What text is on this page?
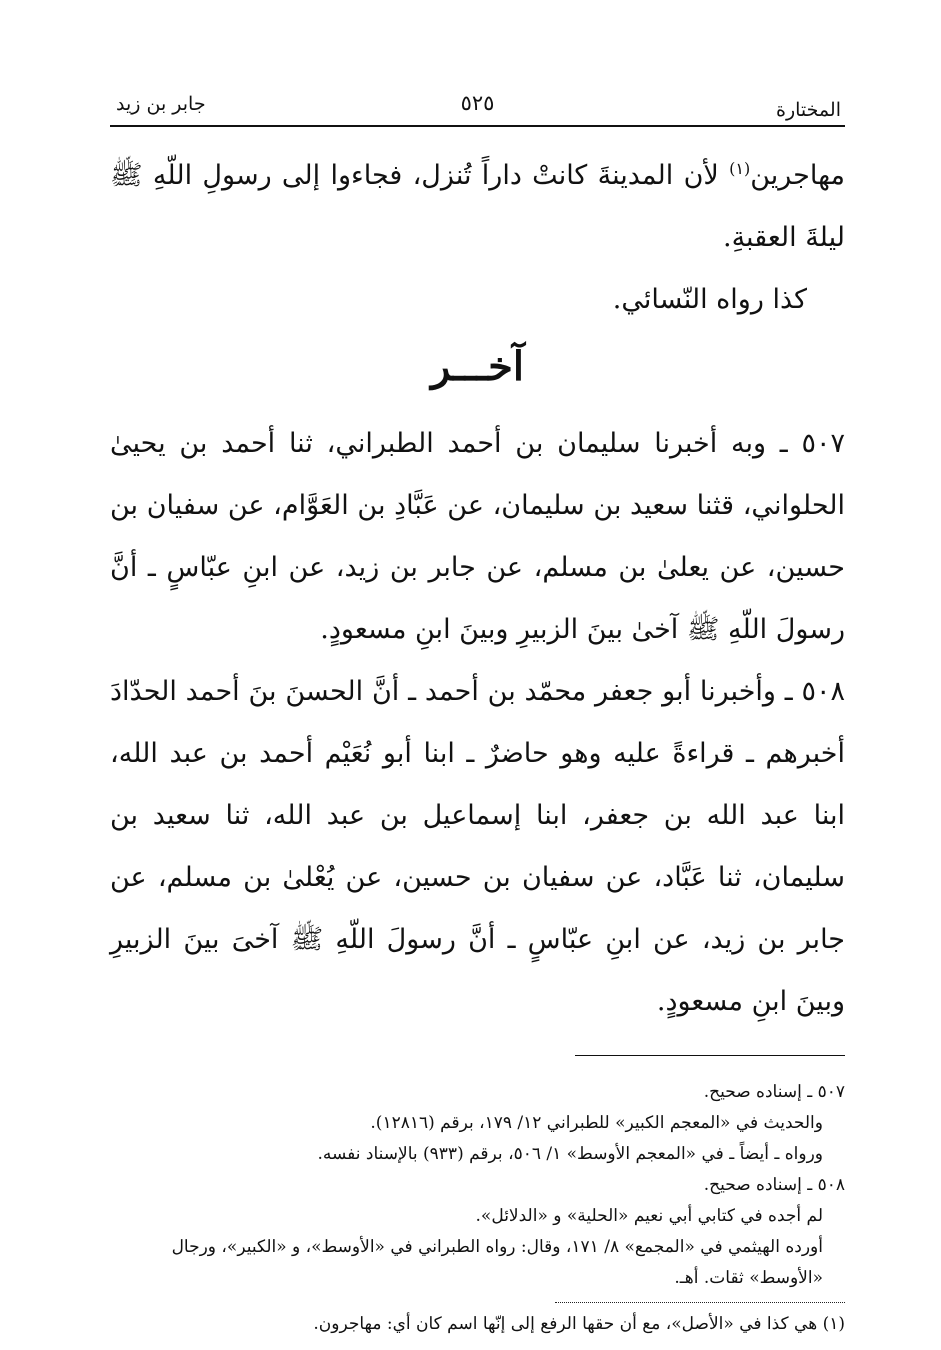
المختارة
٥٢٥
جابر بن زيد

مهاجرين$^{(١)}$ لأن المدينةَ كانتْ داراً تُنزل، فجاءوا إلى رسولِ اللّهِ ﷺ ليلةَ العقبةِ.

كذا رواه النّسائي.

آخـــر

٥٠٧ ـ وبه أخبرنا سليمان بن أحمد الطبراني، ثنا أحمد بن يحيىٰ الحلواني، قثنا سعيد بن سليمان، عن عَبَّادِ بن العَوَّام، عن سفيان بن حسين، عن يعلىٰ بن مسلم، عن جابر بن زيد، عن ابنِ عبّاسٍ ـ أنَّ رسولَ اللّهِ ﷺ آخىٰ بينَ الزبيرِ وبينَ ابنِ مسعودٍ.

٥٠٨ ـ وأخبرنا أبو جعفر محمّد بن أحمد ـ أنَّ الحسنَ بنَ أحمد الحدّادَ أخبرهم ـ قراءةً عليه وهو حاضرٌ ـ ابنا أبو نُعَيْم أحمد بن عبد الله، ابنا عبد الله بن جعفر، ابنا إسماعيل بن عبد الله، ثنا سعيد بن سليمان، ثنا عَبَّاد، عن سفيان بن حسين، عن يُعْلىٰ بن مسلم، عن جابر بن زيد، عن ابنِ عبّاسٍ ـ أنَّ رسولَ اللّهِ ﷺ آخىَ بينَ الزبيرِ وبينَ ابنِ مسعودٍ.

٥٠٧ ـ إسناده صحيح.

والحديث في «المعجم الكبير» للطبراني ١٢/ ١٧٩، برقم (١٢٨١٦).

ورواه ـ أيضاً ـ في «المعجم الأوسط» ١/ ٥٠٦، برقم (٩٣٣) بالإسناد نفسه.

٥٠٨ ـ إسناده صحيح.

لم أجده في كتابي أبي نعيم «الحلية» و «الدلائل».

أورده الهيثمي في «المجمع» ٨/ ١٧١، وقال: رواه الطبراني في «الأوسط»، و «الكبير»، ورجال «الأوسط» ثقات. أهـ.

(١) هي كذا في «الأصل»، مع أن حقها الرفع إلى إنّها اسم كان أي: مهاجرون.
